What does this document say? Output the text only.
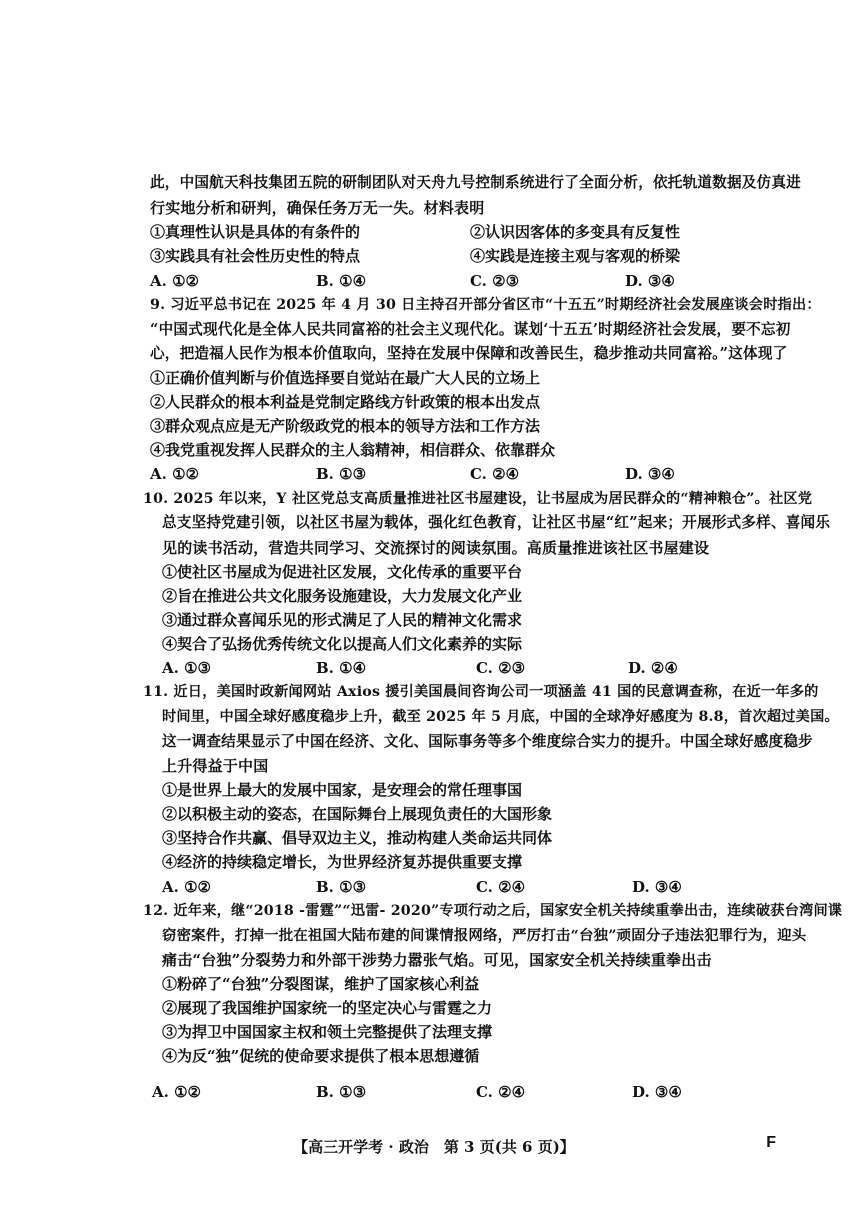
此，中国航天科技集团五院的研制团队对天舟九号控制系统进行了全面分析，依托轨道数据及仿真进
行实地分析和研判，确保任务万无一失。材料表明
①真理性认识是具体的有条件的	②认识因客体的多变具有反复性
③实践具有社会性历史性的特点	④实践是连接主观与客观的桥梁
A. ①②	B. ①④	C. ②③	D. ③④
9. 习近平总书记在 2025 年 4 月 30 日主持召开部分省区市“十五五”时期经济社会发展座谈会时指出：
“中国式现代化是全体人民共同富裕的社会主义现代化。谋划‘十五五’时期经济社会发展，要不忘初
心，把造福人民作为根本价值取向，坚持在发展中保障和改善民生，稳步推动共同富裕。”这体现了
①正确价值判断与价值选择要自觉站在最广大人民的立场上
②人民群众的根本利益是党制定路线方针政策的根本出发点
③群众观点应是无产阶级政党的根本的领导方法和工作方法
④我党重视发挥人民群众的主人翁精神，相信群众、依靠群众
A. ①②	B. ①③	C. ②④	D. ③④
10. 2025 年以来，Y 社区党总支高质量推进社区书屋建设，让书屋成为居民群众的“精神粮仓”。社区党
总支坚持党建引领，以社区书屋为载体，强化红色教育，让社区书屋“红”起来；开展形式多样、喜闻乐
见的读书活动，营造共同学习、交流探讨的阅读氛围。高质量推进该社区书屋建设
①使社区书屋成为促进社区发展，文化传承的重要平台
②旨在推进公共文化服务设施建设，大力发展文化产业
③通过群众喜闻乐见的形式满足了人民的精神文化需求
④契合了弘扬优秀传统文化以提高人们文化素养的实际
A. ①③	B. ①④	C. ②③	D. ②④
11. 近日，美国时政新闻网站 Axios 援引美国晨间咨询公司一项涵盖 41 国的民意调查称，在近一年多的
时间里，中国全球好感度稳步上升，截至 2025 年 5 月底，中国的全球净好感度为 8.8，首次超过美国。
这一调查结果显示了中国在经济、文化、国际事务等多个维度综合实力的提升。中国全球好感度稳步
上升得益于中国
①是世界上最大的发展中国家，是安理会的常任理事国
②以积极主动的姿态，在国际舞台上展现负责任的大国形象
③坚持合作共赢、倡导双边主义，推动构建人类命运共同体
④经济的持续稳定增长，为世界经济复苏提供重要支撑
A. ①②	B. ①③	C. ②④	D. ③④
12. 近年来，继“2018 -雷霆”“迅雷- 2020”专项行动之后，国家安全机关持续重拳出击，连续破获台湾间谍
窃密案件，打掉一批在祖国大陆布建的间谍情报网络，严厉打击“台独”顽固分子违法犯罪行为，迎头
痛击“台独”分裂势力和外部干涉势力嚣张气焰。可见，国家安全机关持续重拳出击
①粉碎了“台独”分裂图谋，维护了国家核心利益
②展现了我国维护国家统一的坚定决心与雷霆之力
③为捍卫中国国家主权和领土完整提供了法理支撑
④为反“独”促统的使命要求提供了根本思想遵循
A. ①②	B. ①③	C. ②④	D. ③④
【高三开学考 · 政治　第 3 页(共 6 页)】	F
